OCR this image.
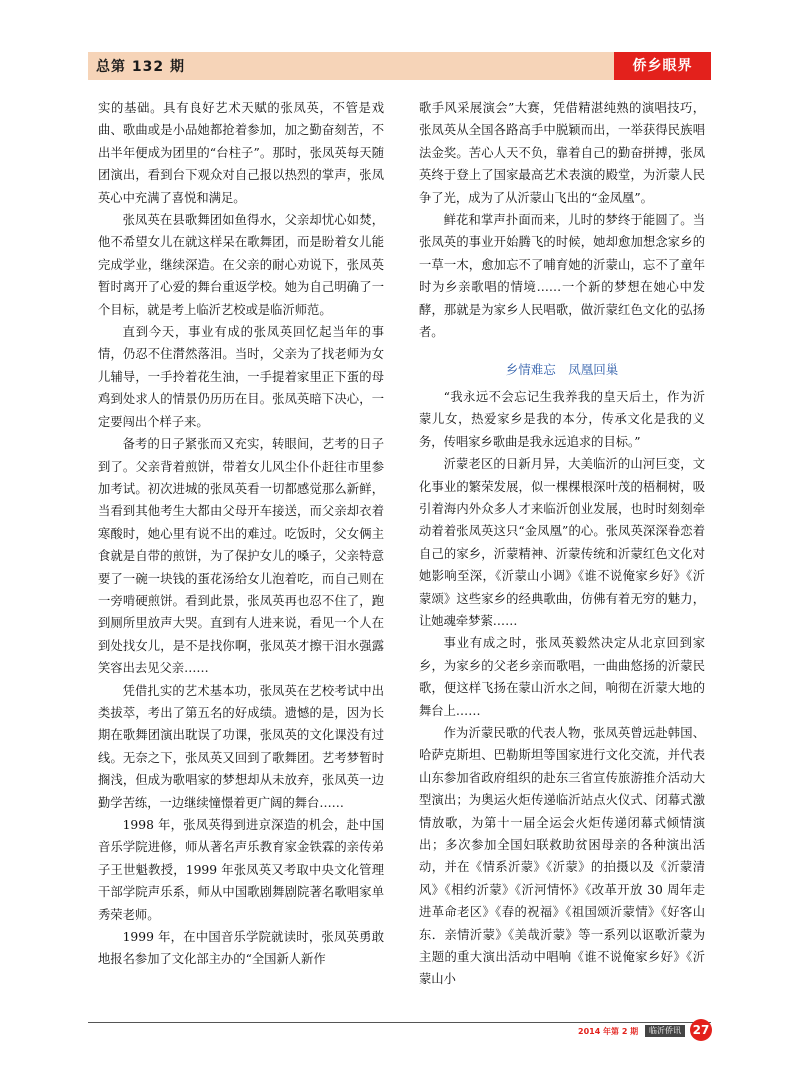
总第 132 期	侨乡眼界

实的基础。具有良好艺术天赋的张凤英，不管是戏曲、歌曲或是小品她都抢着参加，加之勤奋刻苦，不出半年便成为团里的“台柱子”。那时，张凤英每天随团演出，看到台下观众对自己报以热烈的掌声，张凤英心中充满了喜悦和满足。

张凤英在县歌舞团如鱼得水，父亲却忧心如焚，他不希望女儿在就这样呆在歌舞团，而是盼着女儿能完成学业，继续深造。在父亲的耐心劝说下，张凤英暂时离开了心爱的舞台重返学校。她为自己明确了一个目标，就是考上临沂艺校或是临沂师范。

直到今天，事业有成的张凤英回忆起当年的事情，仍忍不住潸然落泪。当时，父亲为了找老师为女儿辅导，一手拎着花生油，一手提着家里正下蛋的母鸡到处求人的情景仍历历在目。张凤英暗下决心，一定要闯出个样子来。

备考的日子紧张而又充实，转眼间，艺考的日子到了。父亲背着煎饼，带着女儿风尘仆仆赶往市里参加考试。初次进城的张凤英看一切都感觉那么新鲜，当看到其他考生大都由父母开车接送，而父亲却衣着寒酸时，她心里有说不出的难过。吃饭时，父女俩主食就是自带的煎饼，为了保护女儿的嗓子，父亲特意要了一碗一块钱的蛋花汤给女儿泡着吃，而自己则在一旁啃硬煎饼。看到此景，张凤英再也忍不住了，跑到厕所里放声大哭。直到有人进来说，看见一个人在到处找女儿，是不是找你啊，张凤英才擦干泪水强露笑容出去见父亲……

凭借扎实的艺术基本功，张凤英在艺校考试中出类拔萃，考出了第五名的好成绩。遗憾的是，因为长期在歌舞团演出耽误了功课，张凤英的文化课没有过线。无奈之下，张凤英又回到了歌舞团。艺考梦暂时搁浅，但成为歌唱家的梦想却从未放弃，张凤英一边勤学苦练，一边继续憧憬着更广阔的舞台……

1998 年，张凤英得到进京深造的机会，赴中国音乐学院进修，师从著名声乐教育家金铁霖的亲传弟子王世魁教授，1999 年张凤英又考取中央文化管理干部学院声乐系，师从中国歌剧舞剧院著名歌唱家单秀荣老师。

1999 年，在中国音乐学院就读时，张凤英勇敢地报名参加了文化部主办的“全国新人新作

歌手风采展演会”大赛，凭借精湛纯熟的演唱技巧，张凤英从全国各路高手中脱颖而出，一举获得民族唱法金奖。苦心人天不负，靠着自己的勤奋拼搏，张凤英终于登上了国家最高艺术表演的殿堂，为沂蒙人民争了光，成为了从沂蒙山飞出的“金凤凰”。

鲜花和掌声扑面而来，儿时的梦终于能圆了。当张凤英的事业开始腾飞的时候，她却愈加想念家乡的一草一木，愈加忘不了哺育她的沂蒙山，忘不了童年时为乡亲歌唱的情境……一个新的梦想在她心中发酵，那就是为家乡人民唱歌，做沂蒙红色文化的弘扬者。

乡情难忘　凤凰回巢

“我永远不会忘记生我养我的皇天后土，作为沂蒙儿女，热爱家乡是我的本分，传承文化是我的义务，传唱家乡歌曲是我永远追求的目标。”

沂蒙老区的日新月异，大美临沂的山河巨变，文化事业的繁荣发展，似一棵棵根深叶茂的梧桐树，吸引着海内外众多人才来临沂创业发展，也时时刻刻牵动着着张凤英这只“金凤凰”的心。张凤英深深眷恋着自己的家乡，沂蒙精神、沂蒙传统和沂蒙红色文化对她影响至深，《沂蒙山小调》《谁不说俺家乡好》《沂蒙颂》这些家乡的经典歌曲，仿佛有着无穷的魅力，让她魂牵梦萦……

事业有成之时，张凤英毅然决定从北京回到家乡，为家乡的父老乡亲而歌唱，一曲曲悠扬的沂蒙民歌，便这样飞扬在蒙山沂水之间，响彻在沂蒙大地的舞台上……

作为沂蒙民歌的代表人物，张凤英曾远赴韩国、哈萨克斯坦、巴勒斯坦等国家进行文化交流，并代表山东参加省政府组织的赴东三省宣传旅游推介活动大型演出；为奥运火炬传递临沂站点火仪式、闭幕式激情放歌，为第十一届全运会火炬传递闭幕式倾情演出；多次参加全国妇联救助贫困母亲的各种演出活动，并在《情系沂蒙》《沂蒙》的拍摄以及《沂蒙清风》《相约沂蒙》《沂河情怀》《改革开放 30 周年走进革命老区》《春的祝福》《祖国颂沂蒙情》《好客山东．亲情沂蒙》《美哉沂蒙》等一系列以讴歌沂蒙为主题的重大演出活动中唱响《谁不说俺家乡好》《沂蒙山小

2014 年第 2 期	临沂侨讯 27
